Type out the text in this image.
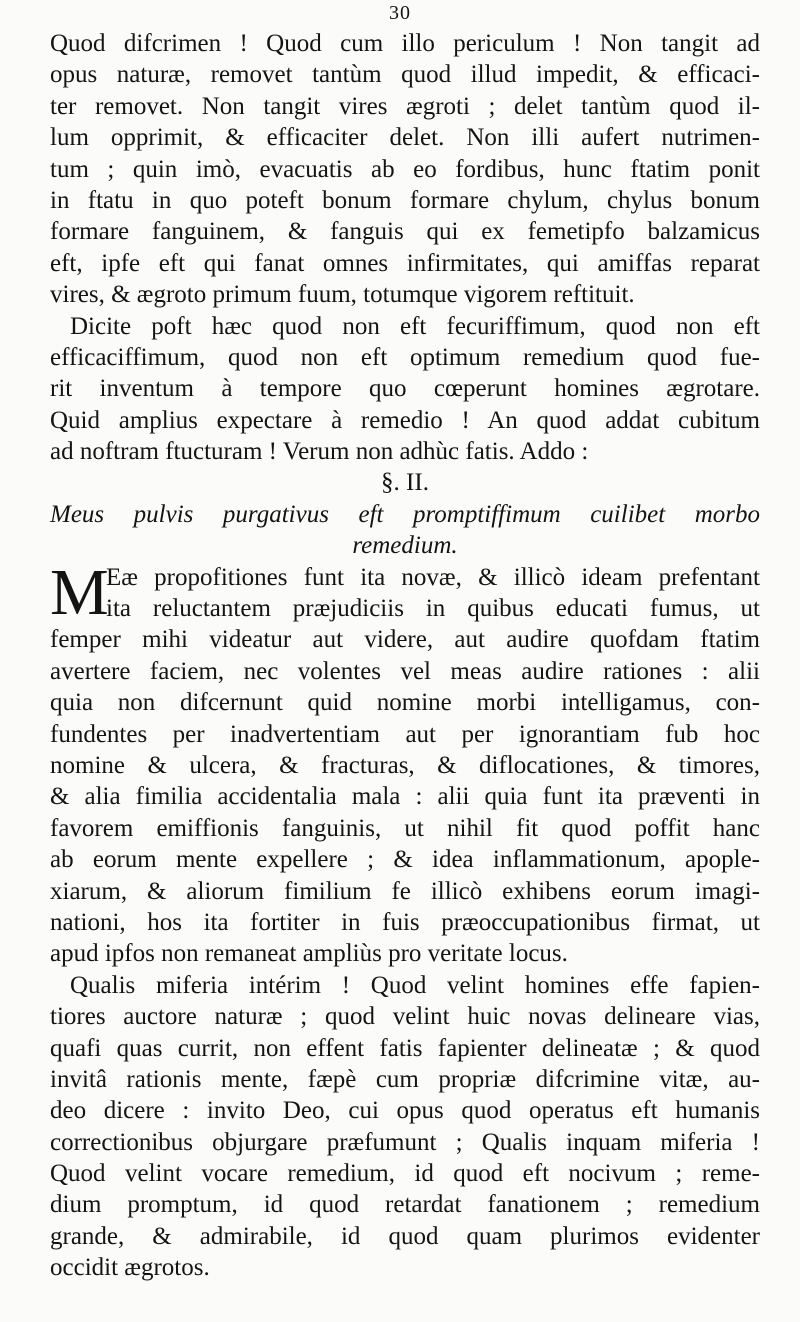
30
Quod difcrimen ! Quod cum illo periculum ! Non tangit ad
opus naturæ, removet tantùm quod illud impedit, & efficaci-
ter removet. Non tangit vires ægroti ; delet tantùm quod il-
lum opprimit, & efficaciter delet. Non illi aufert nutrimen-
tum ; quin imò, evacuatis ab eo fordibus, hunc ftatim ponit
in ftatu in quo poteft bonum formare chylum, chylus bonum
formare fanguinem, & fanguis qui ex femetipfo balzamicus
eft, ipfe eft qui fanat omnes infirmitates, qui amiffas reparat
vires, & ægroto primum fuum, totumque vigorem reftituit.
Dicite poft hæc quod non eft fecuriffimum, quod non eft
efficaciffimum, quod non eft optimum remedium quod fue-
rit inventum à tempore quo cœperunt homines ægrotare.
Quid amplius expectare à remedio ! An quod addat cubitum
ad noftram ftucturam ! Verum non adhùc fatis. Addo :
§. II.
Meus pulvis purgativus eft promptiffimum cuilibet morbo
remedium.
M
Eæ propofitiones funt ita novæ, & illicò ideam prefentant
ita reluctantem præjudiciis in quibus educati fumus, ut
femper mihi videatur aut videre, aut audire quofdam ftatim
avertere faciem, nec volentes vel meas audire rationes : alii
quia non difcernunt quid nomine morbi intelligamus, con-
fundentes per inadvertentiam aut per ignorantiam fub hoc
nomine & ulcera, & fracturas, & diflocationes, & timores,
& alia fimilia accidentalia mala : alii quia funt ita præventi in
favorem emiffionis fanguinis, ut nihil fit quod poffit hanc
ab eorum mente expellere ; & idea inflammationum, apople-
xiarum, & aliorum fimilium fe illicò exhibens eorum imagi-
nationi, hos ita fortiter in fuis præoccupationibus firmat, ut
apud ipfos non remaneat ampliùs pro veritate locus.
Qualis miferia intérim ! Quod velint homines effe fapien-
tiores auctore naturæ ; quod velint huic novas delineare vias,
quafi quas currit, non effent fatis fapienter delineatæ ; & quod
invitâ rationis mente, fæpè cum propriæ difcrimine vitæ, au-
deo dicere : invito Deo, cui opus quod operatus eft humanis
correctionibus objurgare præfumunt ; Qualis inquam miferia !
Quod velint vocare remedium, id quod eft nocivum ; reme-
dium promptum, id quod retardat fanationem ; remedium
grande, & admirabile, id quod quam plurimos evidenter
occidit ægrotos.
